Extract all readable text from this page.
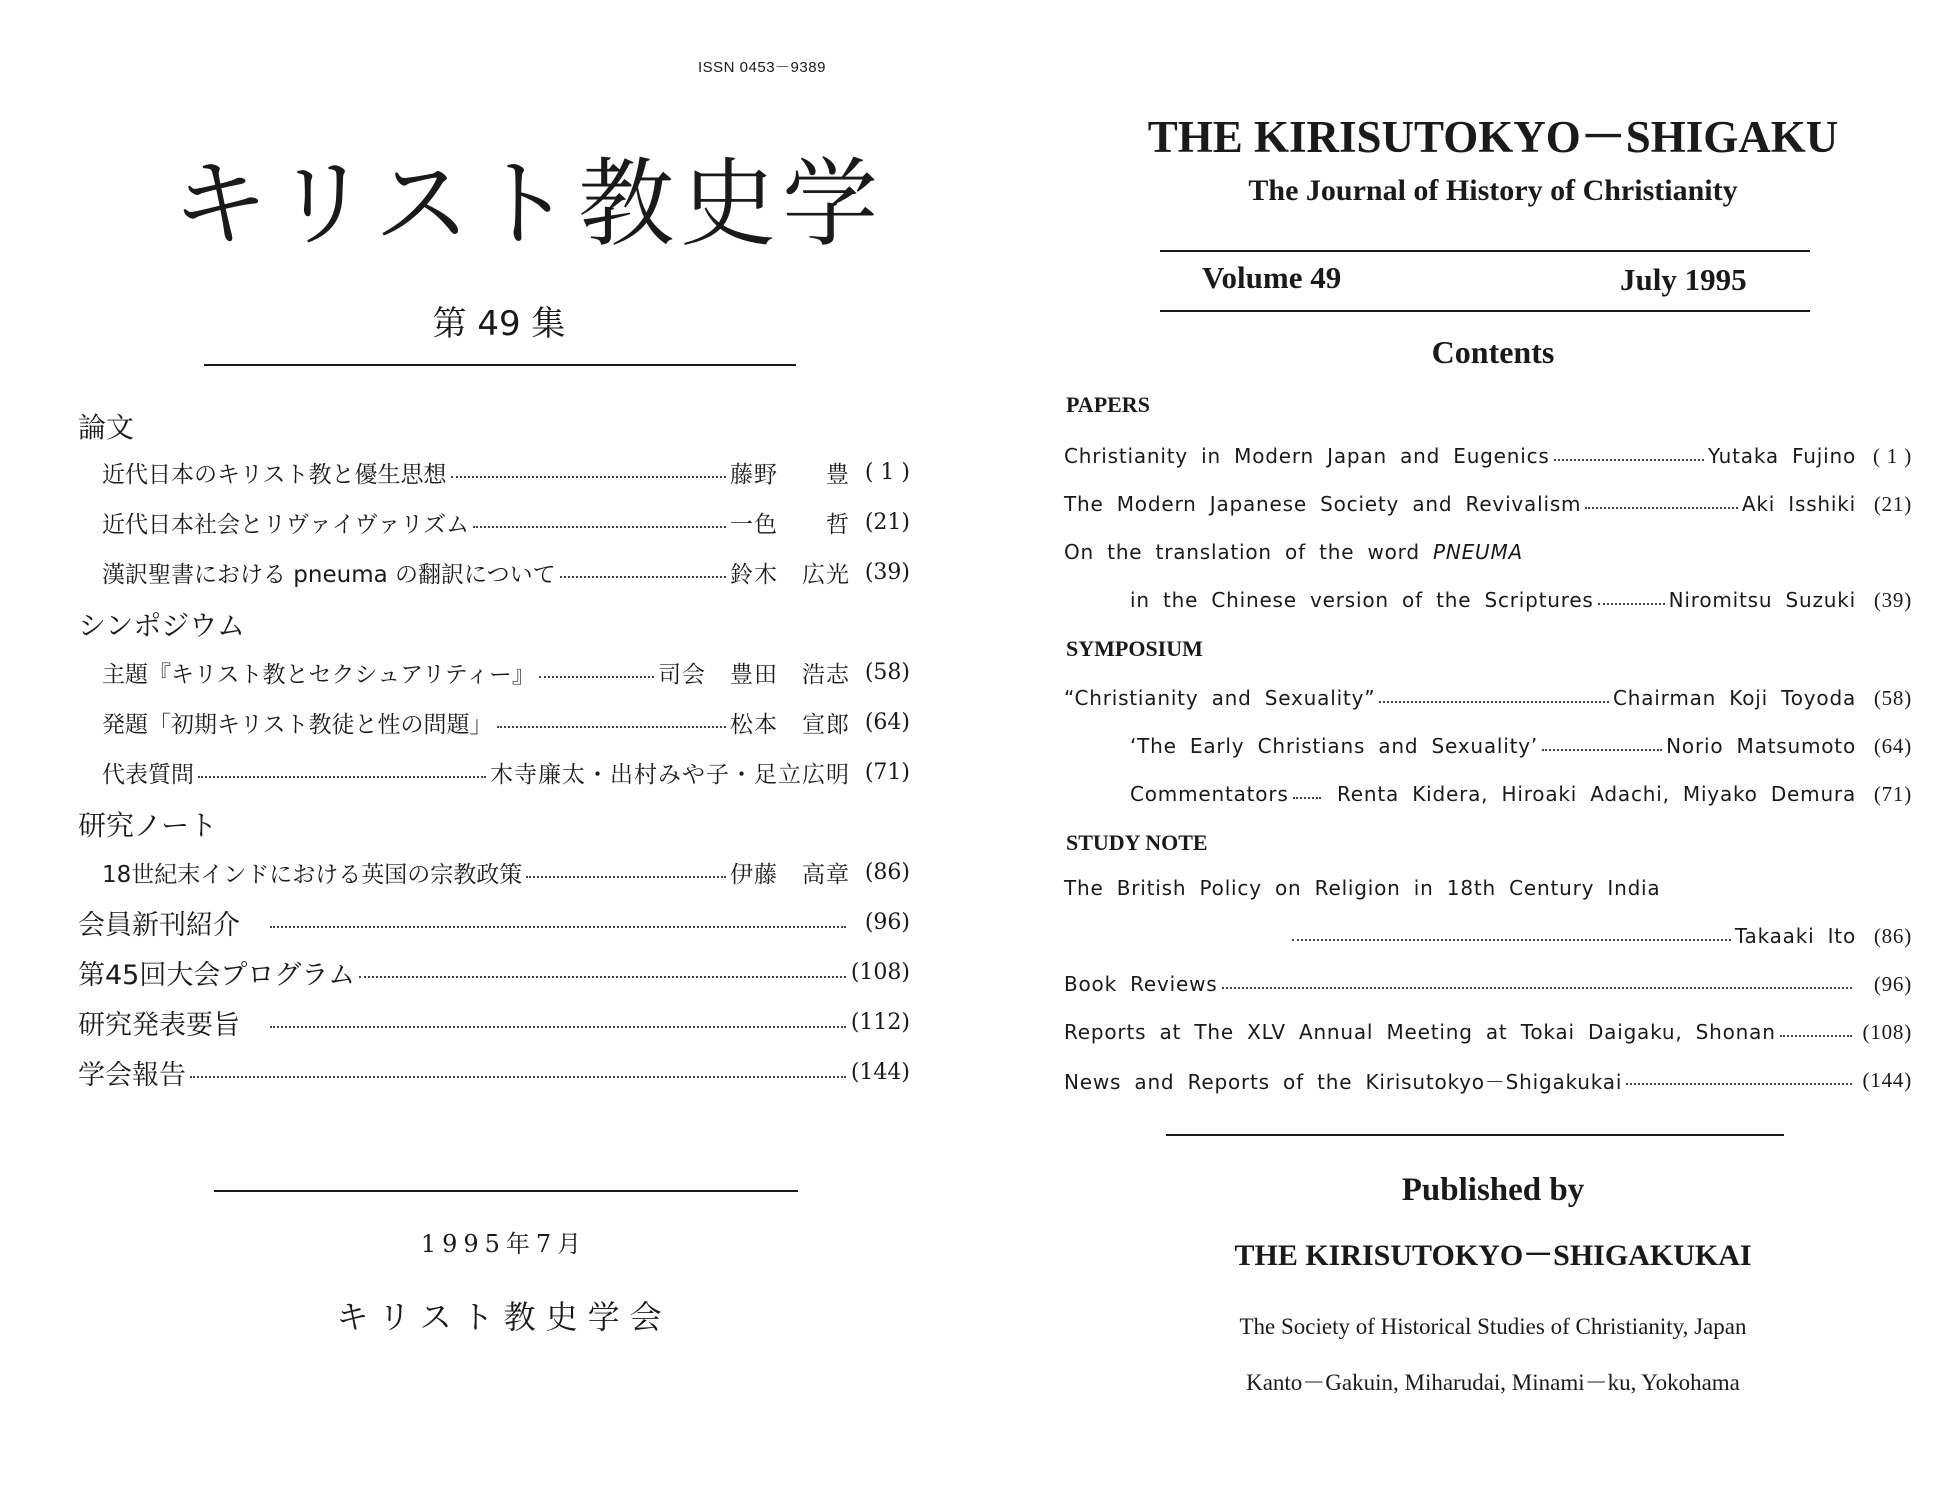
ISSN 0453－9389
キリスト教史学
第 49 集
論文
近代日本のキリスト教と優生思想	藤野　　豊 ( 1 )
近代日本社会とリヴァイヴァリズム	一色　　哲 (21)
漢訳聖書における pneuma の翻訳について	鈴木　広光 (39)
シンポジウム
主題『キリスト教とセクシュアリティー』	司会　豊田　浩志 (58)
発題「初期キリスト教徒と性の問題」	松本　宣郎 (64)
代表質問	木寺廉太・出村みや子・足立広明 (71)
研究ノート
18世紀末インドにおける英国の宗教政策	伊藤　高章 (86)
会員新刊紹介	(96)
第45回大会プログラム	(108)
研究発表要旨	(112)
学会報告	(144)
1995年7月
キリスト教史学会
THE KIRISUTOKYO－SHIGAKU
The Journal of History of Christianity
Volume 49	July 1995
Contents
PAPERS
Christianity in Modern Japan and Eugenics	Yutaka Fujino ( 1 )
The Modern Japanese Society and Revivalism	Aki Isshiki (21)
On the translation of the word PNEUMA
in the Chinese version of the Scriptures	Niromitsu Suzuki (39)
SYMPOSIUM
“Christianity and Sexuality”	Chairman Koji Toyoda (58)
‘The Early Christians and Sexuality’	Norio Matsumoto (64)
Commentators	Renta Kidera, Hiroaki Adachi, Miyako Demura (71)
STUDY NOTE
The British Policy on Religion in 18th Century India
Takaaki Ito (86)
Book Reviews	(96)
Reports at The XLV Annual Meeting at Tokai Daigaku, Shonan	(108)
News and Reports of the Kirisutokyo－Shigakukai	(144)
Published by
THE KIRISUTOKYO－SHIGAKUKAI
The Society of Historical Studies of Christianity, Japan
Kanto－Gakuin, Miharudai, Minami－ku, Yokohama
